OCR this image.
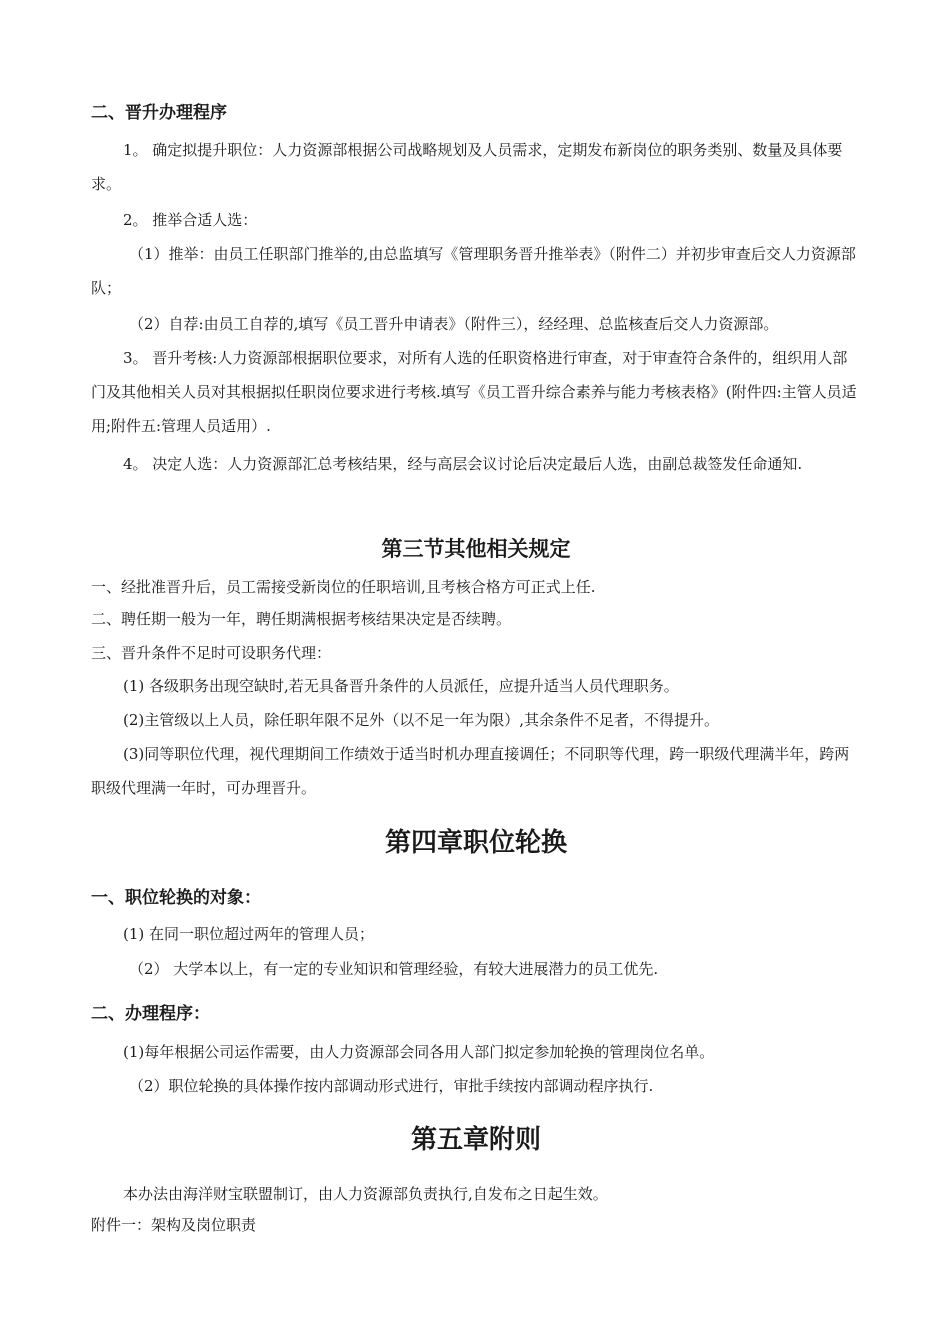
二、晋升办理程序
1。 确定拟提升职位：人力资源部根据公司战略规划及人员需求，定期发布新岗位的职务类别、数量及具体要求。
2。 推举合适人选：
（1）推举：由员工任职部门推举的,由总监填写《管理职务晋升推举表》（附件二）并初步审查后交人力资源部队；
（2）自荐:由员工自荐的,填写《员工晋升申请表》（附件三），经经理、总监核查后交人力资源部。
3。 晋升考核:人力资源部根据职位要求，对所有人选的任职资格进行审查，对于审查符合条件的，组织用人部门及其他相关人员对其根据拟任职岗位要求进行考核.填写《员工晋升综合素养与能力考核表格》(附件四:主管人员适用;附件五:管理人员适用）.
4。 决定人选：人力资源部汇总考核结果，经与高层会议讨论后决定最后人选，由副总裁签发任命通知.
第三节其他相关规定
一、经批准晋升后，员工需接受新岗位的任职培训,且考核合格方可正式上任.
二、聘任期一般为一年，聘任期满根据考核结果决定是否续聘。
三、晋升条件不足时可设职务代理：
(1) 各级职务出现空缺时,若无具备晋升条件的人员派任，应提升适当人员代理职务。
(2)主管级以上人员，除任职年限不足外（以不足一年为限）,其余条件不足者，不得提升。
(3)同等职位代理，视代理期间工作绩效于适当时机办理直接调任；不同职等代理，跨一职级代理满半年，跨两职级代理满一年时，可办理晋升。
第四章职位轮换
一、职位轮换的对象：
(1) 在同一职位超过两年的管理人员；
（2） 大学本以上，有一定的专业知识和管理经验，有较大进展潜力的员工优先.
二、办理程序：
(1)每年根据公司运作需要，由人力资源部会同各用人部门拟定参加轮换的管理岗位名单。
（2）职位轮换的具体操作按内部调动形式进行，审批手续按内部调动程序执行.
第五章附则
本办法由海洋财宝联盟制订，由人力资源部负责执行,自发布之日起生效。
附件一：架构及岗位职责
